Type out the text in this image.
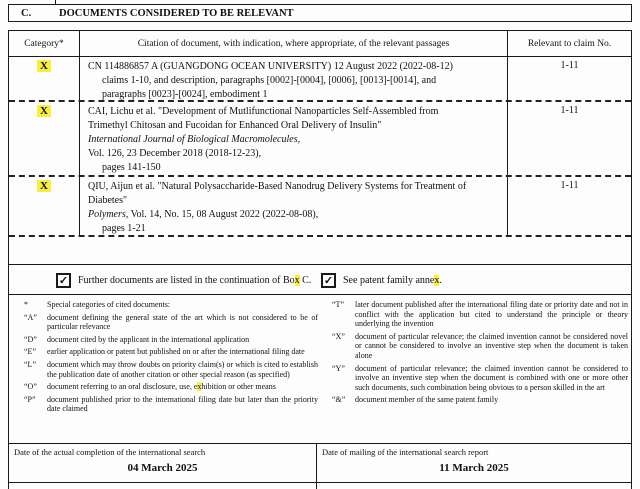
C.	DOCUMENTS CONSIDERED TO BE RELEVANT
Category*	Citation of document, with indication, where appropriate, of the relevant passages	Relevant to claim No.
X	CN 114886857 A (GUANGDONG OCEAN UNIVERSITY) 12 August 2022 (2022-08-12)
claims 1-10, and description, paragraphs [0002]-[0004], [0006], [0013]-[0014], and
paragraphs [0023]-[0024], embodiment 1
1-11
X	CAI, Lichu et al. "Development of Mutlifunctional Nanoparticles Self-Assembled from
Trimethyl Chitosan and Fucoidan for Enhanced Oral Delivery of Insulin"
International Journal of Biological Macromolecules,
Vol. 126, 23 December 2018 (2018-12-23),
pages 141-150
1-11
X	QIU, Aijun et al. "Natural Polysaccharide-Based Nanodrug Delivery Systems for Treatment of
Diabetes"
Polymers, Vol. 14, No. 15, 08 August 2022 (2022-08-08),
pages 1-21
1-11
✓ Further documents are listed in the continuation of Box C. ✓ See patent family annex.
*	Special categories of cited documents:
“A”	document defining the general state of the art which is not considered to be of particular relevance
“D”	document cited by the applicant in the international application
“E”	earlier application or patent but published on or after the international filing date
“L”	document which may throw doubts on priority claim(s) or which is cited to establish the publication date of another citation or other special reason (as specified)
“O”	document referring to an oral disclosure, use, exhibition or other means
“P”	document published prior to the international filing date but later than the priority date claimed
“T”	later document published after the international filing date or priority date and not in conflict with the application but cited to understand the principle or theory underlying the invention
“X”	document of particular relevance; the claimed invention cannot be considered novel or cannot be considered to involve an inventive step when the document is taken alone
“Y”	document of particular relevance; the claimed invention cannot be considered to involve an inventive step when the document is combined with one or more other such documents, such combination being obvious to a person skilled in the art
“&”	document member of the same patent family
Date of the actual completion of the international search
04 March 2025
Date of mailing of the international search report
11 March 2025
